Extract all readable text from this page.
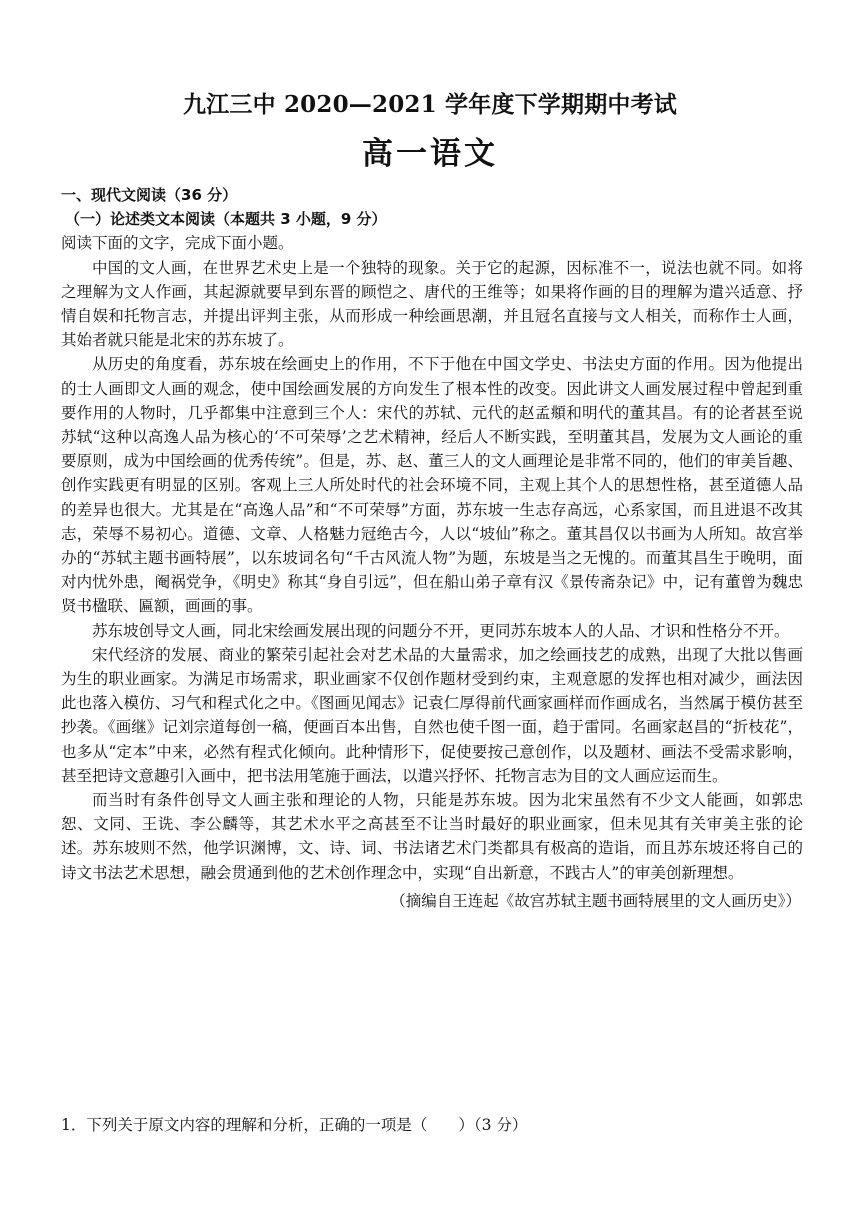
九江三中 2020—2021 学年度下学期期中考试
高一语文

一、现代文阅读（36 分）

（一）论述类文本阅读（本题共 3 小题，9 分）

阅读下面的文字，完成下面小题。

中国的文人画，在世界艺术史上是一个独特的现象。关于它的起源，因标准不一，说法也就不同。如将之理解为文人作画，其起源就要早到东晋的顾恺之、唐代的王维等；如果将作画的目的理解为遣兴适意、抒情自娱和托物言志，并提出评判主张，从而形成一种绘画思潮，并且冠名直接与文人相关，而称作士人画，其始者就只能是北宋的苏东坡了。

从历史的角度看，苏东坡在绘画史上的作用，不下于他在中国文学史、书法史方面的作用。因为他提出的士人画即文人画的观念，使中国绘画发展的方向发生了根本性的改变。因此讲文人画发展过程中曾起到重要作用的人物时，几乎都集中注意到三个人：宋代的苏轼、元代的赵孟頫和明代的董其昌。有的论者甚至说苏轼“这种以高逸人品为核心的‘不可荣辱’之艺术精神，经后人不断实践，至明董其昌，发展为文人画论的重要原则，成为中国绘画的优秀传统”。但是，苏、赵、董三人的文人画理论是非常不同的，他们的审美旨趣、创作实践更有明显的区别。客观上三人所处时代的社会环境不同，主观上其个人的思想性格，甚至道德人品的差异也很大。尤其是在“高逸人品”和“不可荣辱”方面，苏东坡一生志存高远，心系家国，而且进退不改其志，荣辱不易初心。道德、文章、人格魅力冠绝古今，人以“坡仙”称之。董其昌仅以书画为人所知。故宫举办的“苏轼主题书画特展”，以东坡词名句“千古风流人物”为题，东坡是当之无愧的。而董其昌生于晚明，面对内忧外患，阉祸党争，《明史》称其“身自引远”，但在船山弟子章有汉《景传斋杂记》中，记有董曾为魏忠贤书楹联、匾额，画画的事。

苏东坡创导文人画，同北宋绘画发展出现的问题分不开，更同苏东坡本人的人品、才识和性格分不开。

宋代经济的发展、商业的繁荣引起社会对艺术品的大量需求，加之绘画技艺的成熟，出现了大批以售画为生的职业画家。为满足市场需求，职业画家不仅创作题材受到约束，主观意愿的发挥也相对减少，画法因此也落入模仿、习气和程式化之中。《图画见闻志》记袁仁厚得前代画家画样而作画成名，当然属于模仿甚至抄袭。《画继》记刘宗道每创一稿，便画百本出售，自然也使千图一面，趋于雷同。名画家赵昌的“折枝花”，也多从“定本”中来，必然有程式化倾向。此种情形下，促使要按己意创作，以及题材、画法不受需求影响，甚至把诗文意趣引入画中，把书法用笔施于画法，以遣兴抒怀、托物言志为目的文人画应运而生。

而当时有条件创导文人画主张和理论的人物，只能是苏东坡。因为北宋虽然有不少文人能画，如郭忠恕、文同、王诜、李公麟等，其艺术水平之高甚至不让当时最好的职业画家，但未见其有关审美主张的论述。苏东坡则不然，他学识渊博，文、诗、词、书法诸艺术门类都具有极高的造诣，而且苏东坡还将自己的诗文书法艺术思想，融会贯通到他的艺术创作理念中，实现“自出新意，不践古人”的审美创新理想。

（摘编自王连起《故宫苏轼主题书画特展里的文人画历史》）

1．下列关于原文内容的理解和分析，正确的一项是（　　）（3 分）
